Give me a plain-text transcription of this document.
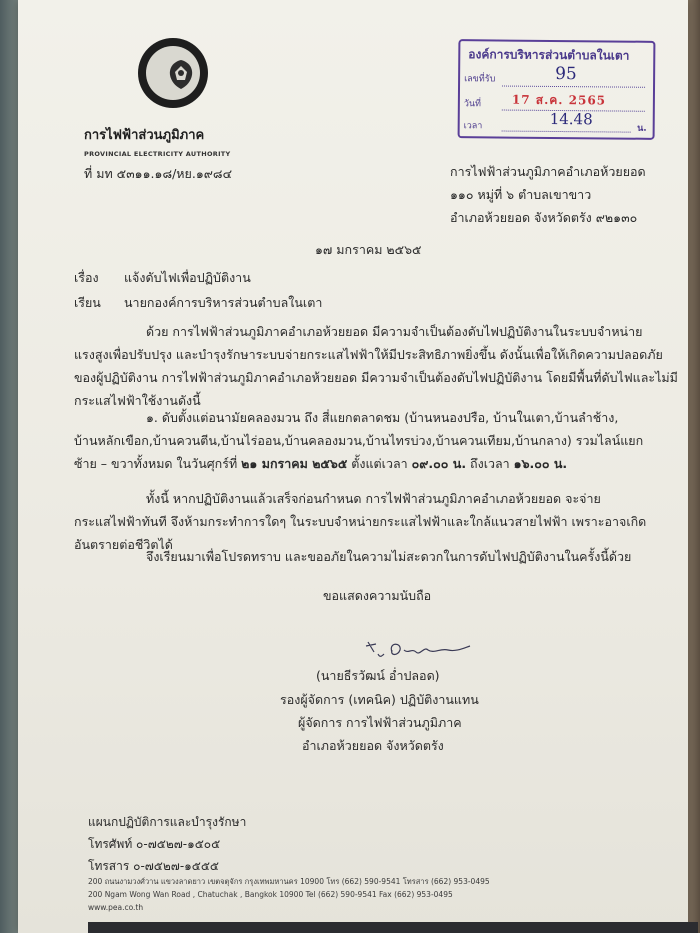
การไฟฟ้าส่วนภูมิภาค
PROVINCIAL ELECTRICITY AUTHORITY
ที่ มท ๕๓๑๑.๑๘/หย.๑๙๘๔
องค์การบริหารส่วนตำบลในเตา
เลขที่รับ	95
วันที่	17 ส.ค. 2565
เวลา	14.48
น.
การไฟฟ้าส่วนภูมิภาคอำเภอห้วยยอด
๑๑๐ หมู่ที่ ๖ ตำบลเขาขาว
อำเภอห้วยยอด จังหวัดตรัง ๙๒๑๓๐
๑๗ มกราคม ๒๕๖๕
เรื่อง แจ้งดับไฟเพื่อปฏิบัติงาน
เรียน นายกองค์การบริหารส่วนตำบลในเตา
ด้วย การไฟฟ้าส่วนภูมิภาคอำเภอห้วยยอด มีความจำเป็นต้องดับไฟปฏิบัติงานในระบบจำหน่าย
แรงสูงเพื่อปรับปรุง และบำรุงรักษาระบบจ่ายกระแสไฟฟ้าให้มีประสิทธิภาพยิ่งขึ้น ดังนั้นเพื่อให้เกิดความปลอดภัย
ของผู้ปฏิบัติงาน การไฟฟ้าส่วนภูมิภาคอำเภอห้วยยอด มีความจำเป็นต้องดับไฟปฏิบัติงาน โดยมีพื้นที่ดับไฟและไม่มี
กระแสไฟฟ้าใช้งานดังนี้
๑. ดับตั้งแต่อนามัยคลองมวน ถึง สี่แยกตลาดชม (บ้านหนองปรือ, บ้านในเตา,บ้านลำช้าง,
บ้านหลักเขือก,บ้านควนตีน,บ้านไร่ออน,บ้านคลองมวน,บ้านไทรบ่วง,บ้านควนเทียม,บ้านกลาง) รวมไลน์แยก
ซ้าย – ขวาทั้งหมด ในวันศุกร์ที่ ๒๑ มกราคม ๒๕๖๕ ตั้งแต่เวลา ๐๙.๐๐ น. ถึงเวลา ๑๖.๐๐ น.
ทั้งนี้ หากปฏิบัติงานแล้วเสร็จก่อนกำหนด การไฟฟ้าส่วนภูมิภาคอำเภอห้วยยอด จะจ่าย
กระแสไฟฟ้าทันที จึงห้ามกระทำการใดๆ ในระบบจำหน่ายกระแสไฟฟ้าและใกล้แนวสายไฟฟ้า เพราะอาจเกิด
อันตรายต่อชีวิตได้
จึงเรียนมาเพื่อโปรดทราบ และขออภัยในความไม่สะดวกในการดับไฟปฏิบัติงานในครั้งนี้ด้วย
ขอแสดงความนับถือ
(นายธีรวัฒน์ อ่ำปลอด)
รองผู้จัดการ (เทคนิค) ปฏิบัติงานแทน
ผู้จัดการ การไฟฟ้าส่วนภูมิภาค
อำเภอห้วยยอด จังหวัดตรัง
แผนกปฏิบัติการและบำรุงรักษา
โทรศัพท์ ๐-๗๕๒๗-๑๕๐๕
โทรสาร ๐-๗๕๒๗-๑๕๕๕
200 ถนนงามวงศ์วาน แขวงลาดยาว เขตจตุจักร กรุงเทพมหานคร 10900 โทร (662) 590-9541 โทรสาร (662) 953-0495
200 Ngam Wong Wan Road , Chatuchak , Bangkok 10900 Tel (662) 590-9541 Fax (662) 953-0495
www.pea.co.th
